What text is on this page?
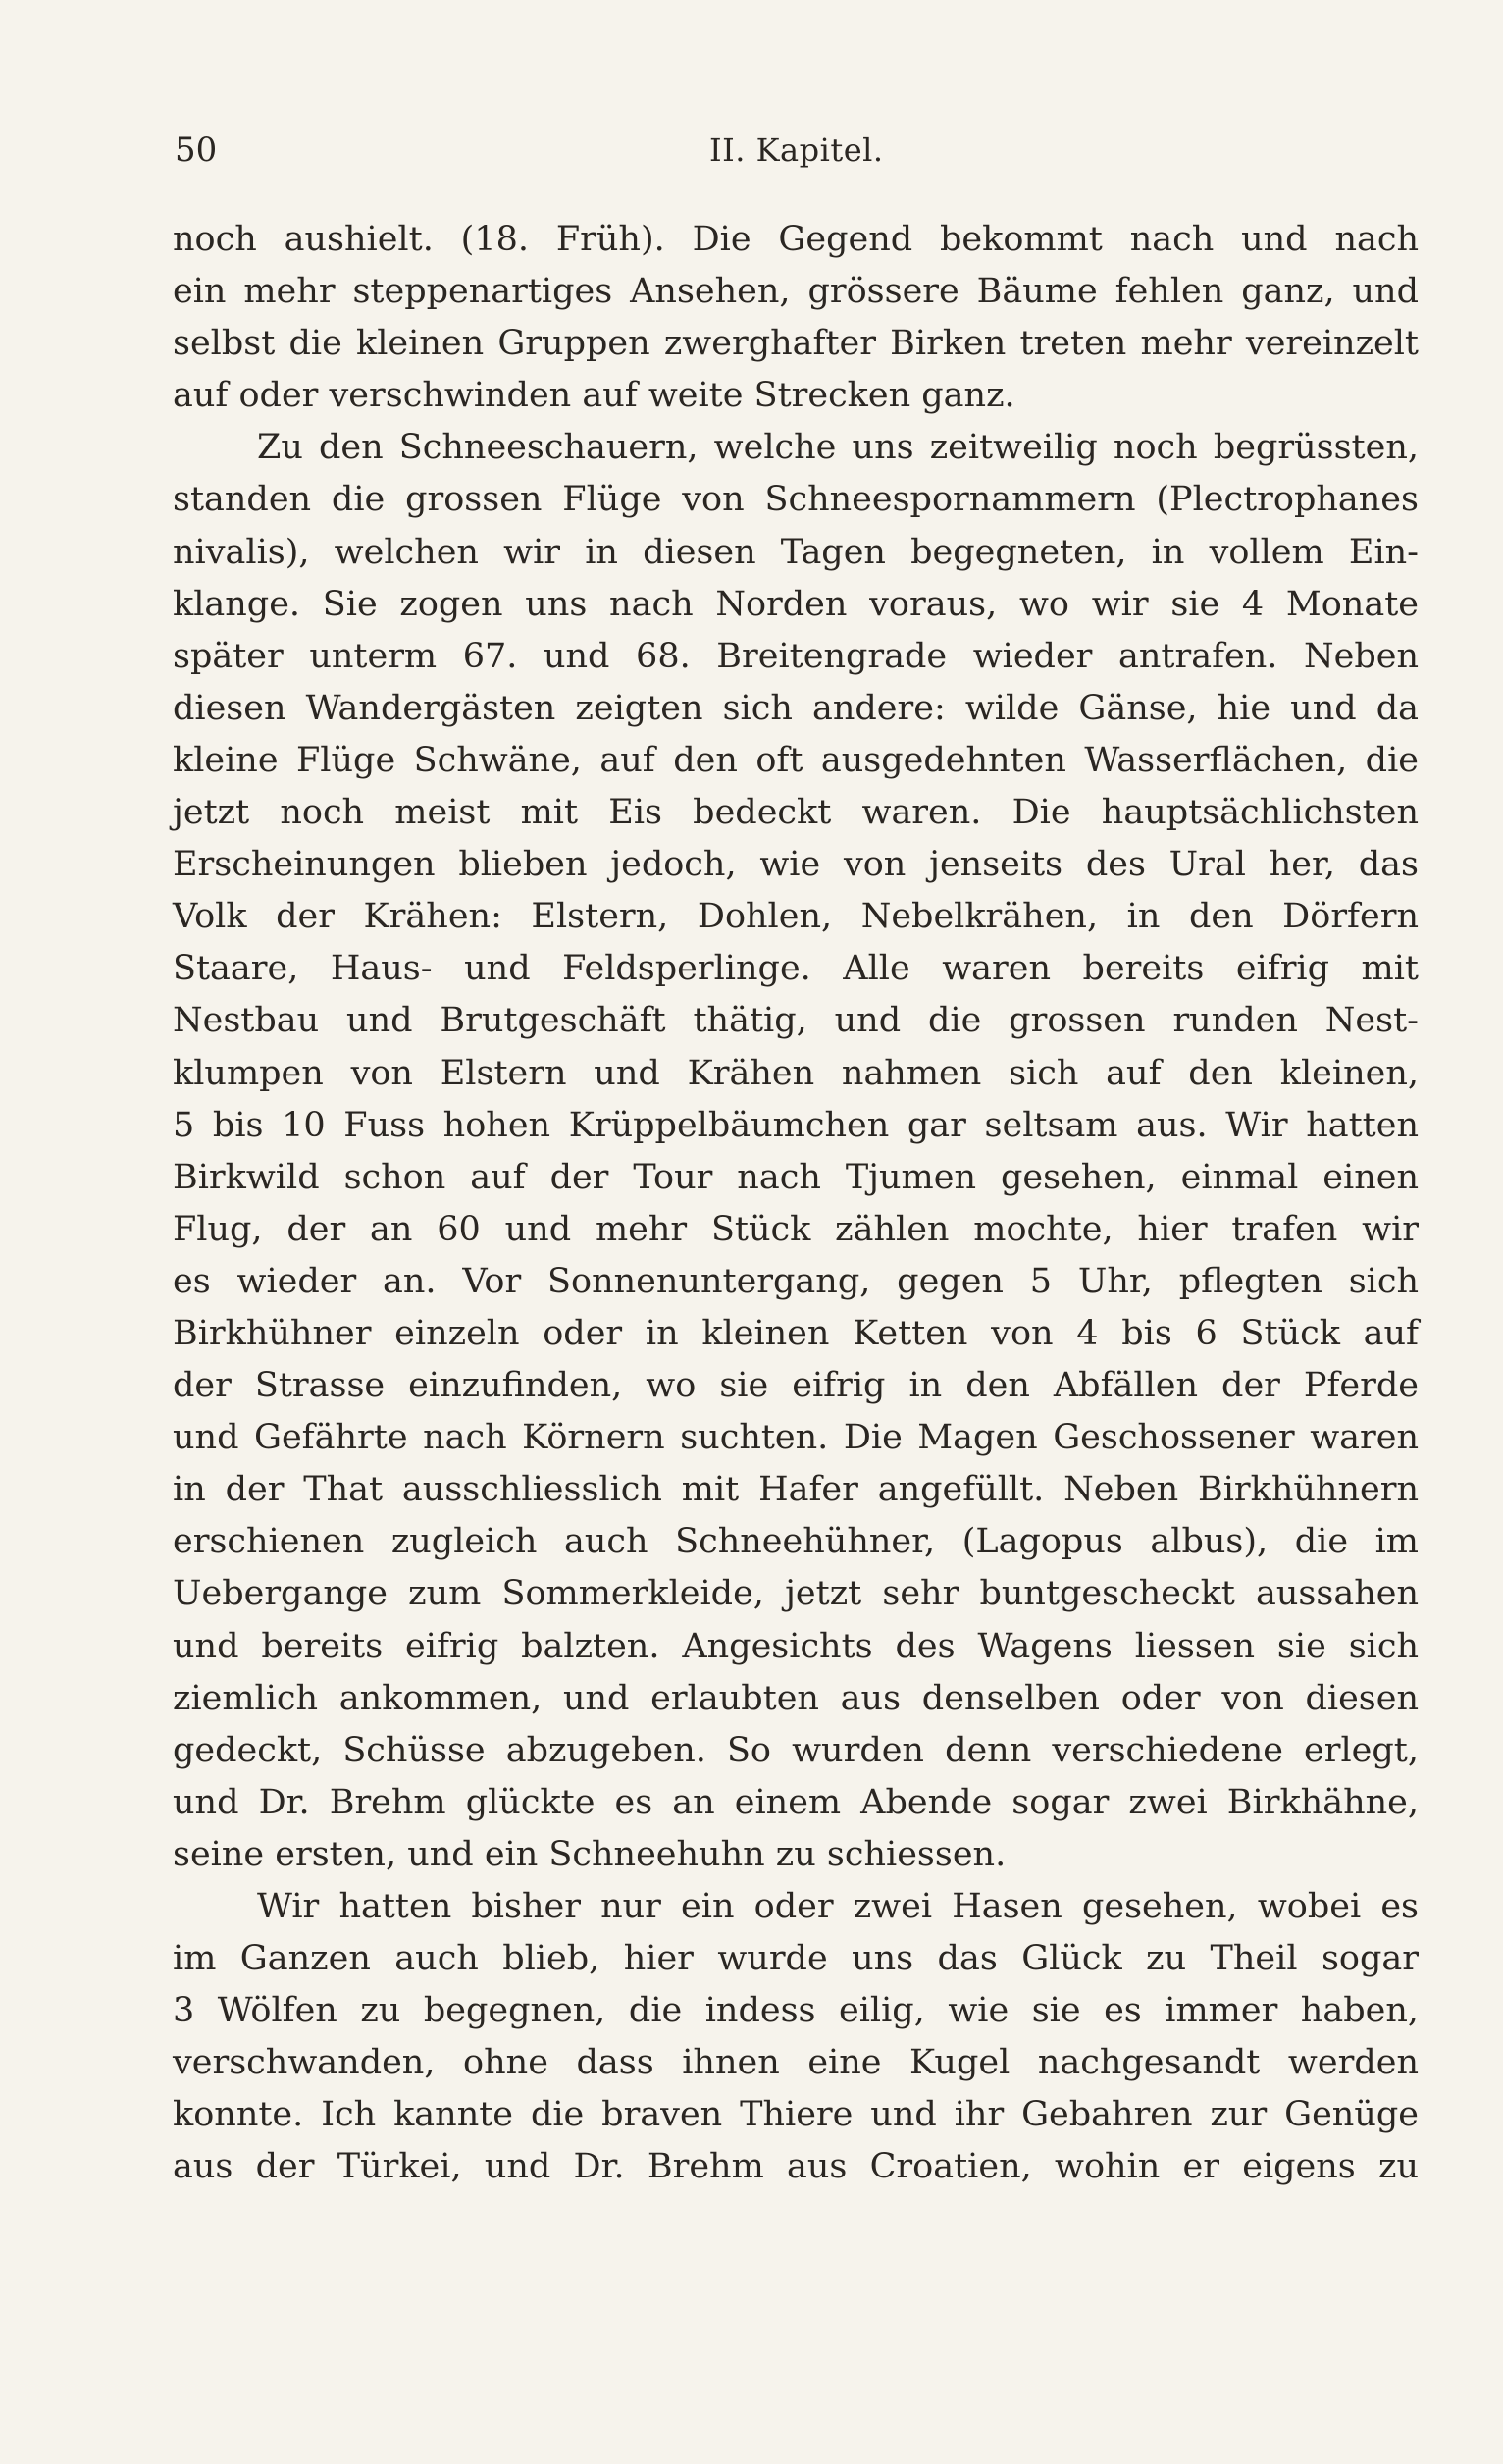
50	II. Kapitel.
noch aushielt. (18. Früh). Die Gegend bekommt nach und nach
ein mehr steppenartiges Ansehen, grössere Bäume fehlen ganz, und
selbst die kleinen Gruppen zwerghafter Birken treten mehr vereinzelt
auf oder verschwinden auf weite Strecken ganz.
Zu den Schneeschauern, welche uns zeitweilig noch begrüssten,
standen die grossen Flüge von Schneespornammern (Plectrophanes
nivalis), welchen wir in diesen Tagen begegneten, in vollem Ein-
klange. Sie zogen uns nach Norden voraus, wo wir sie 4 Monate
später unterm 67. und 68. Breitengrade wieder antrafen. Neben
diesen Wandergästen zeigten sich andere: wilde Gänse, hie und da
kleine Flüge Schwäne, auf den oft ausgedehnten Wasserflächen, die
jetzt noch meist mit Eis bedeckt waren. Die hauptsächlichsten
Erscheinungen blieben jedoch, wie von jenseits des Ural her, das
Volk der Krähen: Elstern, Dohlen, Nebelkrähen, in den Dörfern
Staare, Haus- und Feldsperlinge. Alle waren bereits eifrig mit
Nestbau und Brutgeschäft thätig, und die grossen runden Nest-
klumpen von Elstern und Krähen nahmen sich auf den kleinen,
5 bis 10 Fuss hohen Krüppelbäumchen gar seltsam aus. Wir hatten
Birkwild schon auf der Tour nach Tjumen gesehen, einmal einen
Flug, der an 60 und mehr Stück zählen mochte, hier trafen wir
es wieder an. Vor Sonnenuntergang, gegen 5 Uhr, pflegten sich
Birkhühner einzeln oder in kleinen Ketten von 4 bis 6 Stück auf
der Strasse einzufinden, wo sie eifrig in den Abfällen der Pferde
und Gefährte nach Körnern suchten. Die Magen Geschossener waren
in der That ausschliesslich mit Hafer angefüllt. Neben Birkhühnern
erschienen zugleich auch Schneehühner, (Lagopus albus), die im
Uebergange zum Sommerkleide, jetzt sehr buntgescheckt aussahen
und bereits eifrig balzten. Angesichts des Wagens liessen sie sich
ziemlich ankommen, und erlaubten aus denselben oder von diesen
gedeckt, Schüsse abzugeben. So wurden denn verschiedene erlegt,
und Dr. Brehm glückte es an einem Abende sogar zwei Birkhähne,
seine ersten, und ein Schneehuhn zu schiessen.
Wir hatten bisher nur ein oder zwei Hasen gesehen, wobei es
im Ganzen auch blieb, hier wurde uns das Glück zu Theil sogar
3 Wölfen zu begegnen, die indess eilig, wie sie es immer haben,
verschwanden, ohne dass ihnen eine Kugel nachgesandt werden
konnte. Ich kannte die braven Thiere und ihr Gebahren zur Genüge
aus der Türkei, und Dr. Brehm aus Croatien, wohin er eigens zu
